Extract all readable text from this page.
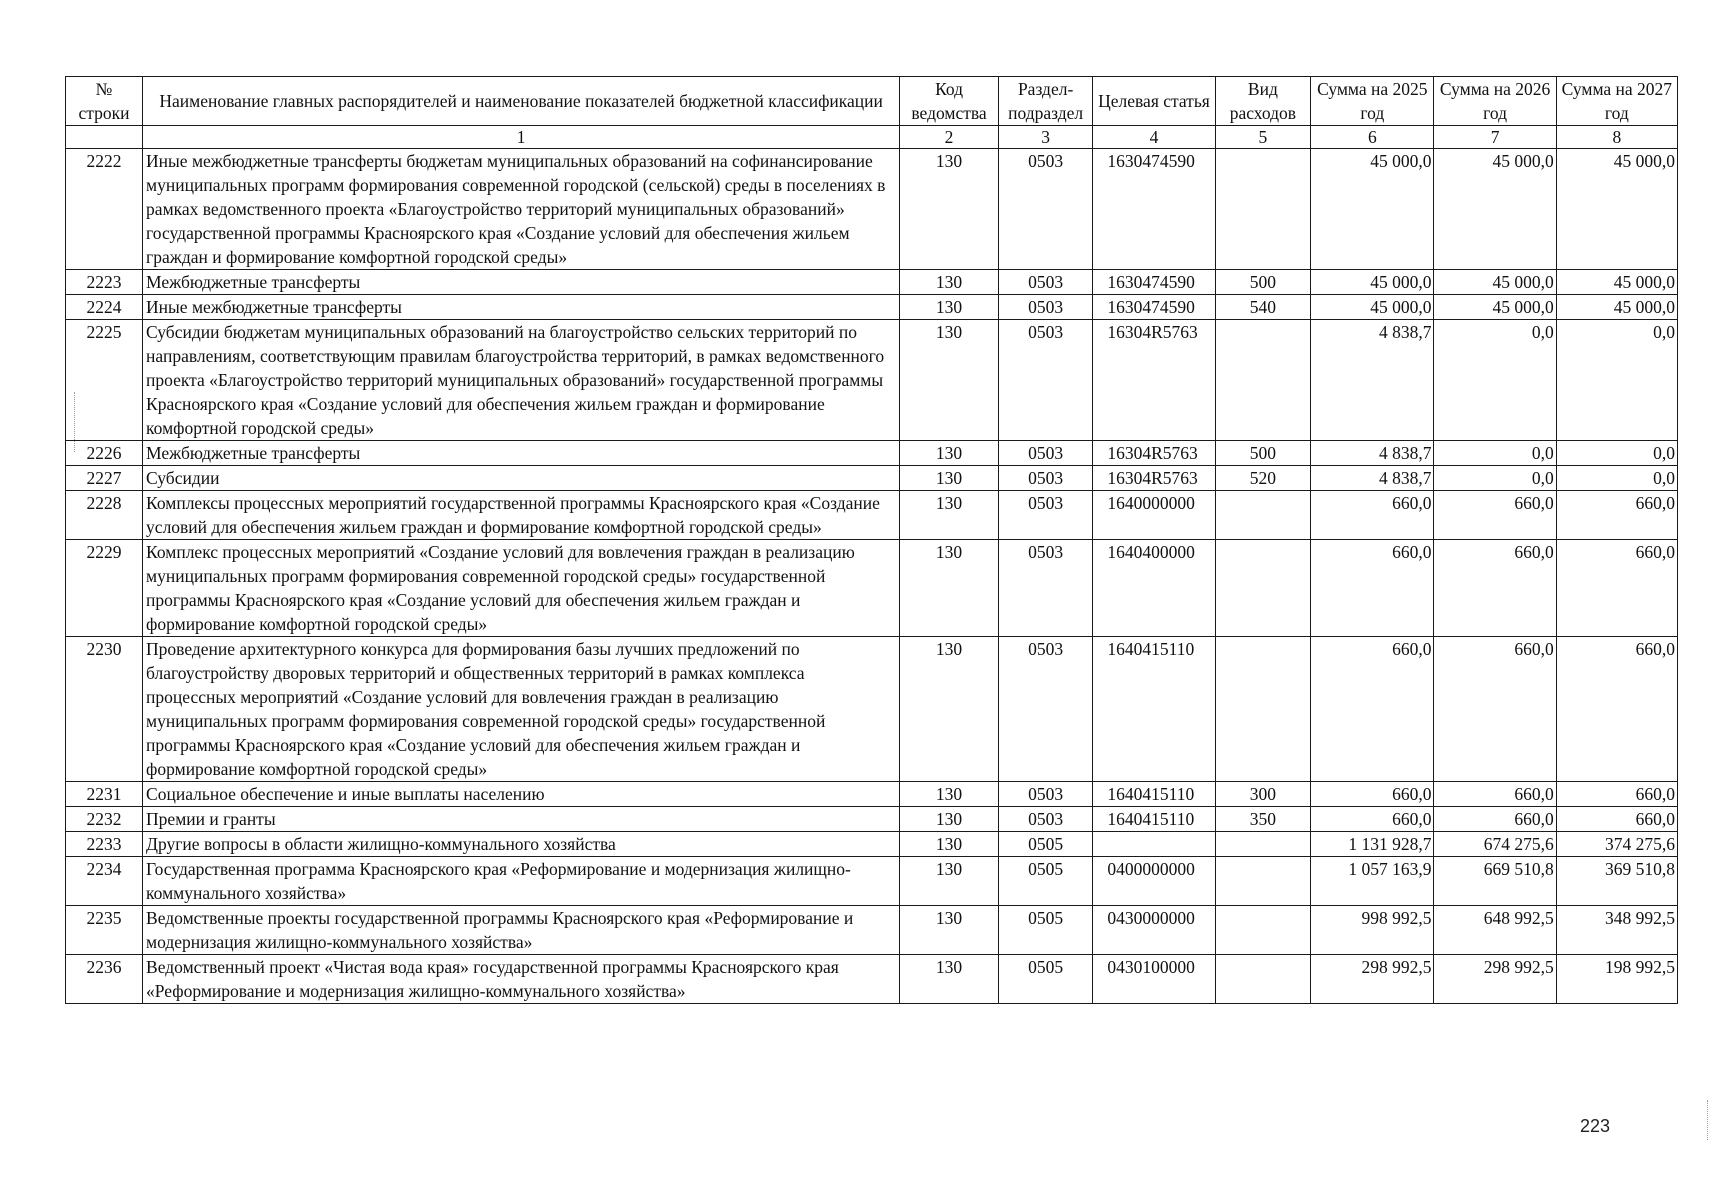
№ строки	Наименование главных распорядителей и наименование показателей бюджетной классификации	Код ведомства	Раздел-подраздел	Целевая статья	Вид расходов	Сумма на 2025 год	Сумма на 2026 год	Сумма на 2027 год
	1	2	3	4	5	6	7	8
2222	Иные межбюджетные трансферты бюджетам муниципальных образований на софинансирование муниципальных программ формирования современной городской (сельской) среды в поселениях в рамках ведомственного проекта «Благоустройство территорий муниципальных образований» государственной программы Красноярского края «Создание условий для обеспечения жильем граждан и формирование комфортной городской среды»	130	0503	1630474590		45 000,0	45 000,0	45 000,0
2223	Межбюджетные трансферты	130	0503	1630474590	500	45 000,0	45 000,0	45 000,0
2224	Иные межбюджетные трансферты	130	0503	1630474590	540	45 000,0	45 000,0	45 000,0
2225	Субсидии бюджетам муниципальных образований на благоустройство сельских территорий по направлениям, соответствующим правилам благоустройства территорий, в рамках ведомственного проекта «Благоустройство территорий муниципальных образований» государственной программы Красноярского края «Создание условий для обеспечения жильем граждан и формирование комфортной городской среды»	130	0503	16304R5763		4 838,7	0,0	0,0
2226	Межбюджетные трансферты	130	0503	16304R5763	500	4 838,7	0,0	0,0
2227	Субсидии	130	0503	16304R5763	520	4 838,7	0,0	0,0
2228	Комплексы процессных мероприятий государственной программы Красноярского края «Создание условий для обеспечения жильем граждан и формирование комфортной городской среды»	130	0503	1640000000		660,0	660,0	660,0
2229	Комплекс процессных мероприятий «Создание условий для вовлечения граждан в реализацию муниципальных программ формирования современной городской среды» государственной программы Красноярского края «Создание условий для обеспечения жильем граждан и формирование комфортной городской среды»	130	0503	1640400000		660,0	660,0	660,0
2230	Проведение архитектурного конкурса для формирования базы лучших предложений по благоустройству дворовых территорий и общественных территорий в рамках комплекса процессных мероприятий «Создание условий для вовлечения граждан в реализацию муниципальных программ формирования современной городской среды» государственной программы Красноярского края «Создание условий для обеспечения жильем граждан и формирование комфортной городской среды»	130	0503	1640415110		660,0	660,0	660,0
2231	Социальное обеспечение и иные выплаты населению	130	0503	1640415110	300	660,0	660,0	660,0
2232	Премии и гранты	130	0503	1640415110	350	660,0	660,0	660,0
2233	Другие вопросы в области жилищно-коммунального хозяйства	130	0505			1 131 928,7	674 275,6	374 275,6
2234	Государственная программа Красноярского края «Реформирование и модернизация жилищно-коммунального хозяйства»	130	0505	0400000000		1 057 163,9	669 510,8	369 510,8
2235	Ведомственные проекты государственной программы Красноярского края «Реформирование и модернизация жилищно-коммунального хозяйства»	130	0505	0430000000		998 992,5	648 992,5	348 992,5
2236	Ведомственный проект «Чистая вода края» государственной программы Красноярского края «Реформирование и модернизация жилищно-коммунального хозяйства»	130	0505	0430100000		298 992,5	298 992,5	198 992,5
223
